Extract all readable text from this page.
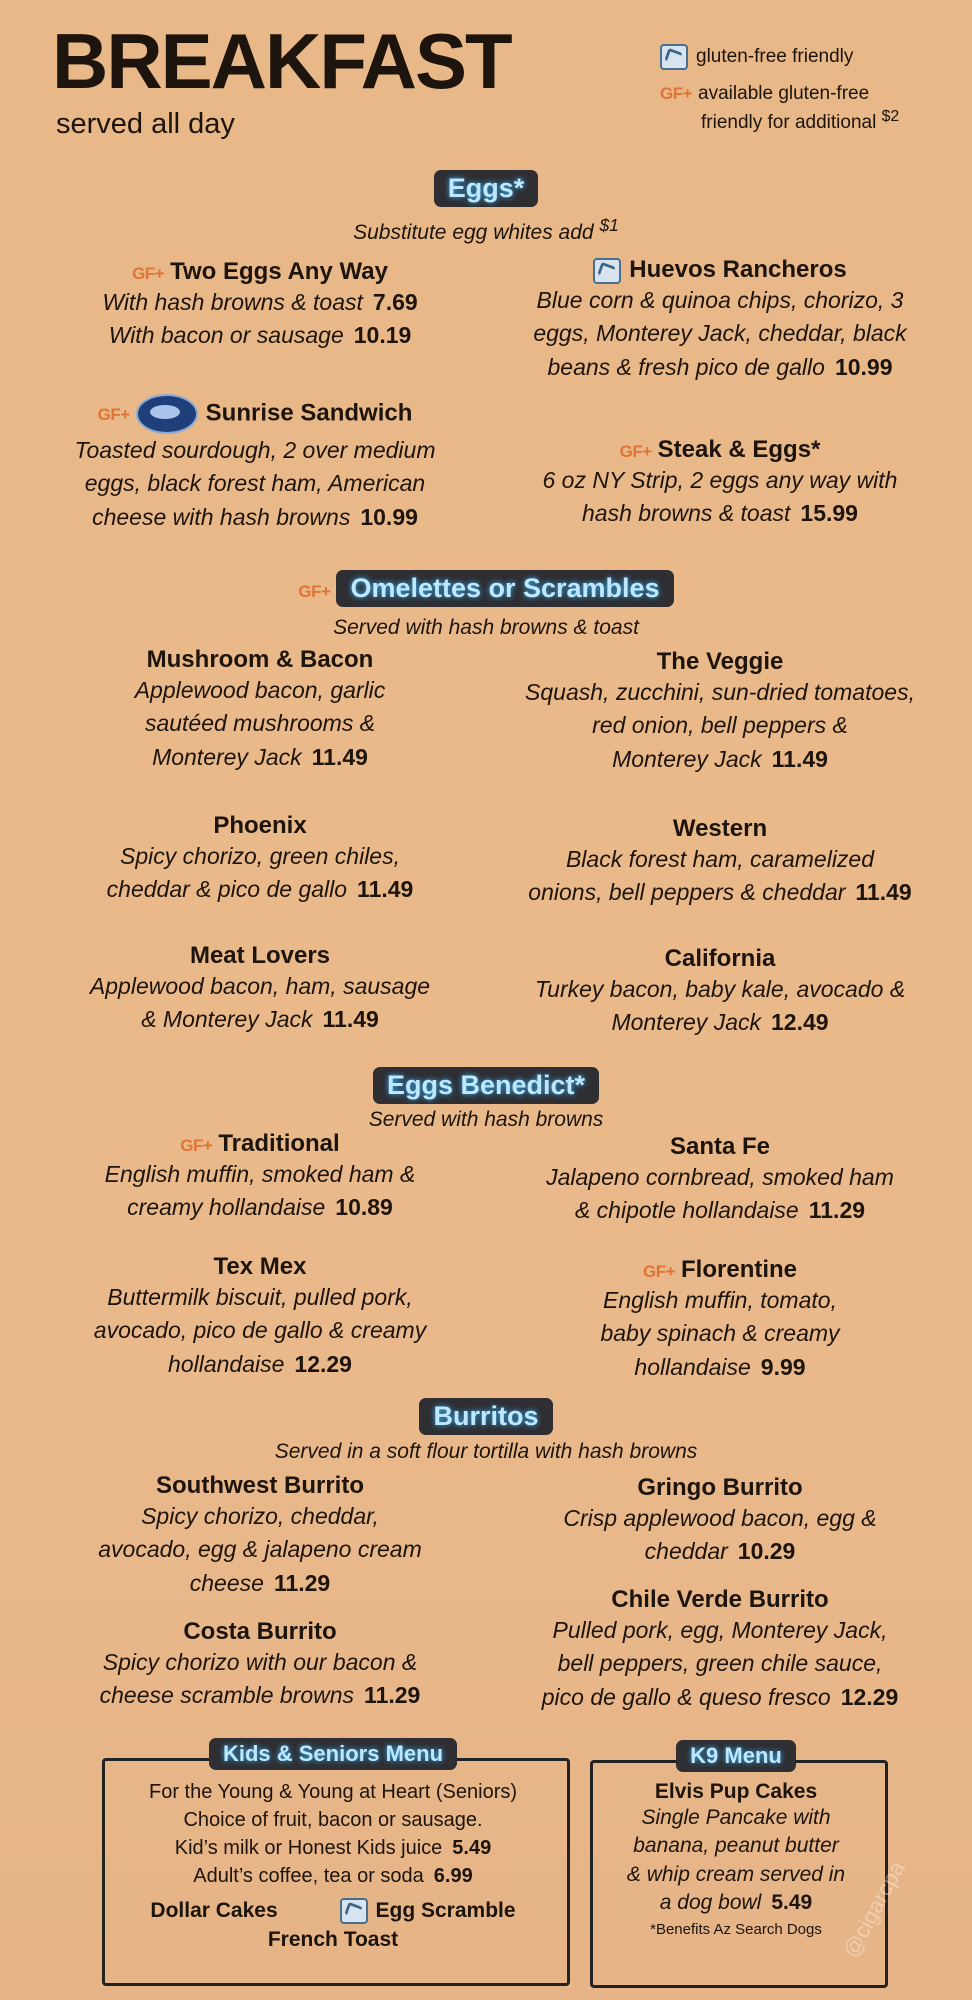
BREAKFAST

served all day

gluten-free friendly
GF+ available gluten-free
friendly for additional $^{\$2}$
Eggs*
Substitute egg whites add $^{\$1}$
GF+ Two Eggs Any Way
With hash browns & toast 7.69
With bacon or sausage 10.19
Huevos Rancheros
Blue corn & quinoa chips, chorizo, 3
eggs, Monterey Jack, cheddar, black
beans & fresh pico de gallo 10.99
GF+	Sunrise Sandwich
Toasted sourdough, 2 over medium
eggs, black forest ham, American
cheese with hash browns 10.99
GF+ Steak & Eggs*
6 oz NY Strip, 2 eggs any way with
hash browns & toast 15.99
GF+ Omelettes or Scrambles
Served with hash browns & toast
Mushroom & Bacon
Applewood bacon, garlic
sautéed mushrooms &
Monterey Jack 11.49
The Veggie
Squash, zucchini, sun-dried tomatoes,
red onion, bell peppers &
Monterey Jack 11.49
Phoenix
Spicy chorizo, green chiles,
cheddar & pico de gallo 11.49
Western
Black forest ham, caramelized
onions, bell peppers & cheddar 11.49
Meat Lovers
Applewood bacon, ham, sausage
& Monterey Jack 11.49
California
Turkey bacon, baby kale, avocado &
Monterey Jack 12.49
Eggs Benedict*
Served with hash browns
GF+ Traditional
English muffin, smoked ham &
creamy hollandaise 10.89
Santa Fe
Jalapeno cornbread, smoked ham
& chipotle hollandaise 11.29
Tex Mex
Buttermilk biscuit, pulled pork,
avocado, pico de gallo & creamy
hollandaise 12.29
GF+ Florentine
English muffin, tomato,
baby spinach & creamy
hollandaise 9.99
Burritos
Served in a soft flour tortilla with hash browns
Southwest Burrito
Spicy chorizo, cheddar,
avocado, egg & jalapeno cream
cheese 11.29
Gringo Burrito
Crisp applewood bacon, egg &
cheddar 10.29
Chile Verde Burrito
Pulled pork, egg, Monterey Jack,
bell peppers, green chile sauce,
pico de gallo & queso fresco 12.29
Costa Burrito
Spicy chorizo with our bacon &
cheese scramble browns 11.29
Kids & Seniors Menu
For the Young & Young at Heart (Seniors)
Choice of fruit, bacon or sausage.
Kid’s milk or Honest Kids juice 5.49
Adult’s coffee, tea or soda 6.99
Dollar Cakes	Egg Scramble
French Toast
K9 Menu
Elvis Pup Cakes
Single Pancake with
banana, peanut butter
& whip cream served in
a dog bowl 5.49
*Benefits Az Search Dogs @cigarcpa
